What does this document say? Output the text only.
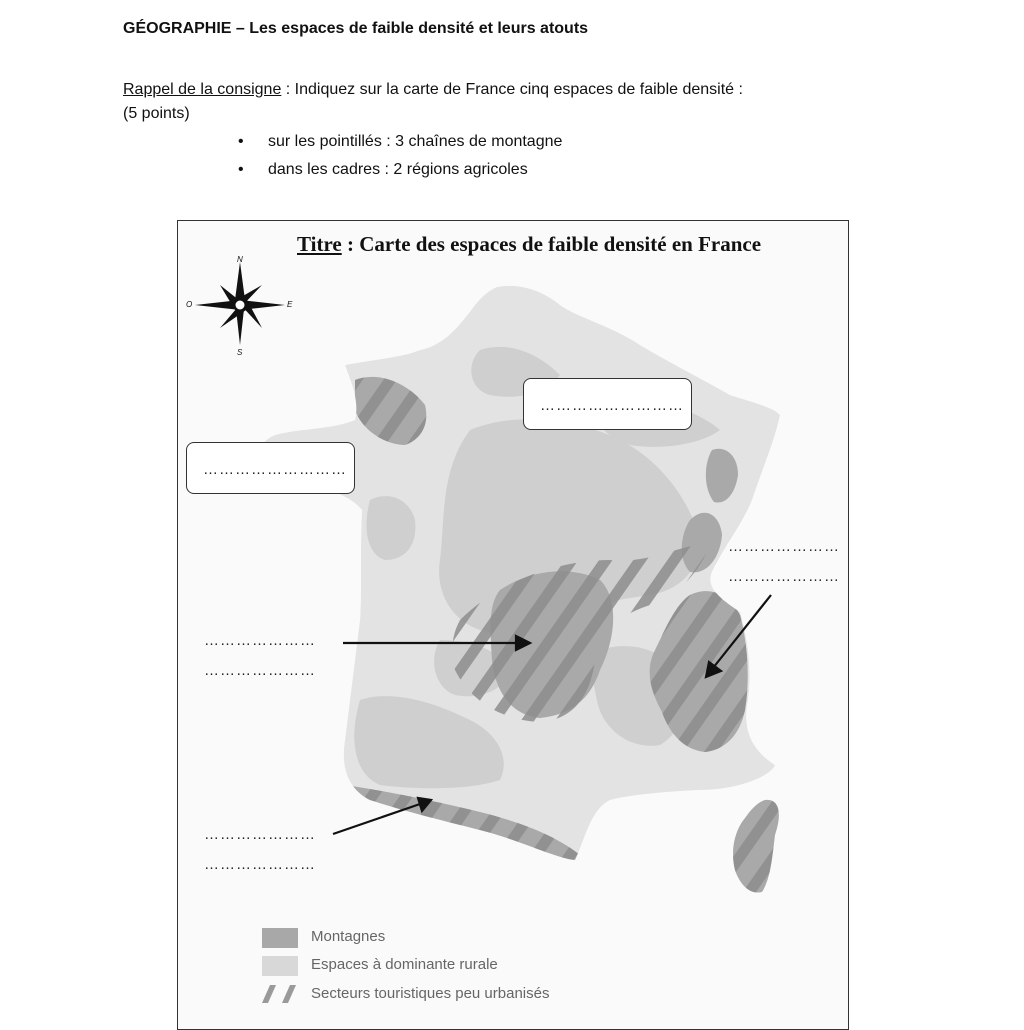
GÉOGRAPHIE – Les espaces de faible densité et leurs atouts
Rappel de la consigne : Indiquez sur la carte de France cinq espaces de faible densité :
(5 points)
• sur les pointillés : 3 chaînes de montagne
• dans les cadres : 2 régions agricoles
Titre : Carte des espaces de faible densité en France
N
S
E
O
………………………
………………………
…………………
…………………
…………………
…………………
…………………
…………………
Montagnes
Espaces à dominante rurale
Secteurs touristiques peu urbanisés
